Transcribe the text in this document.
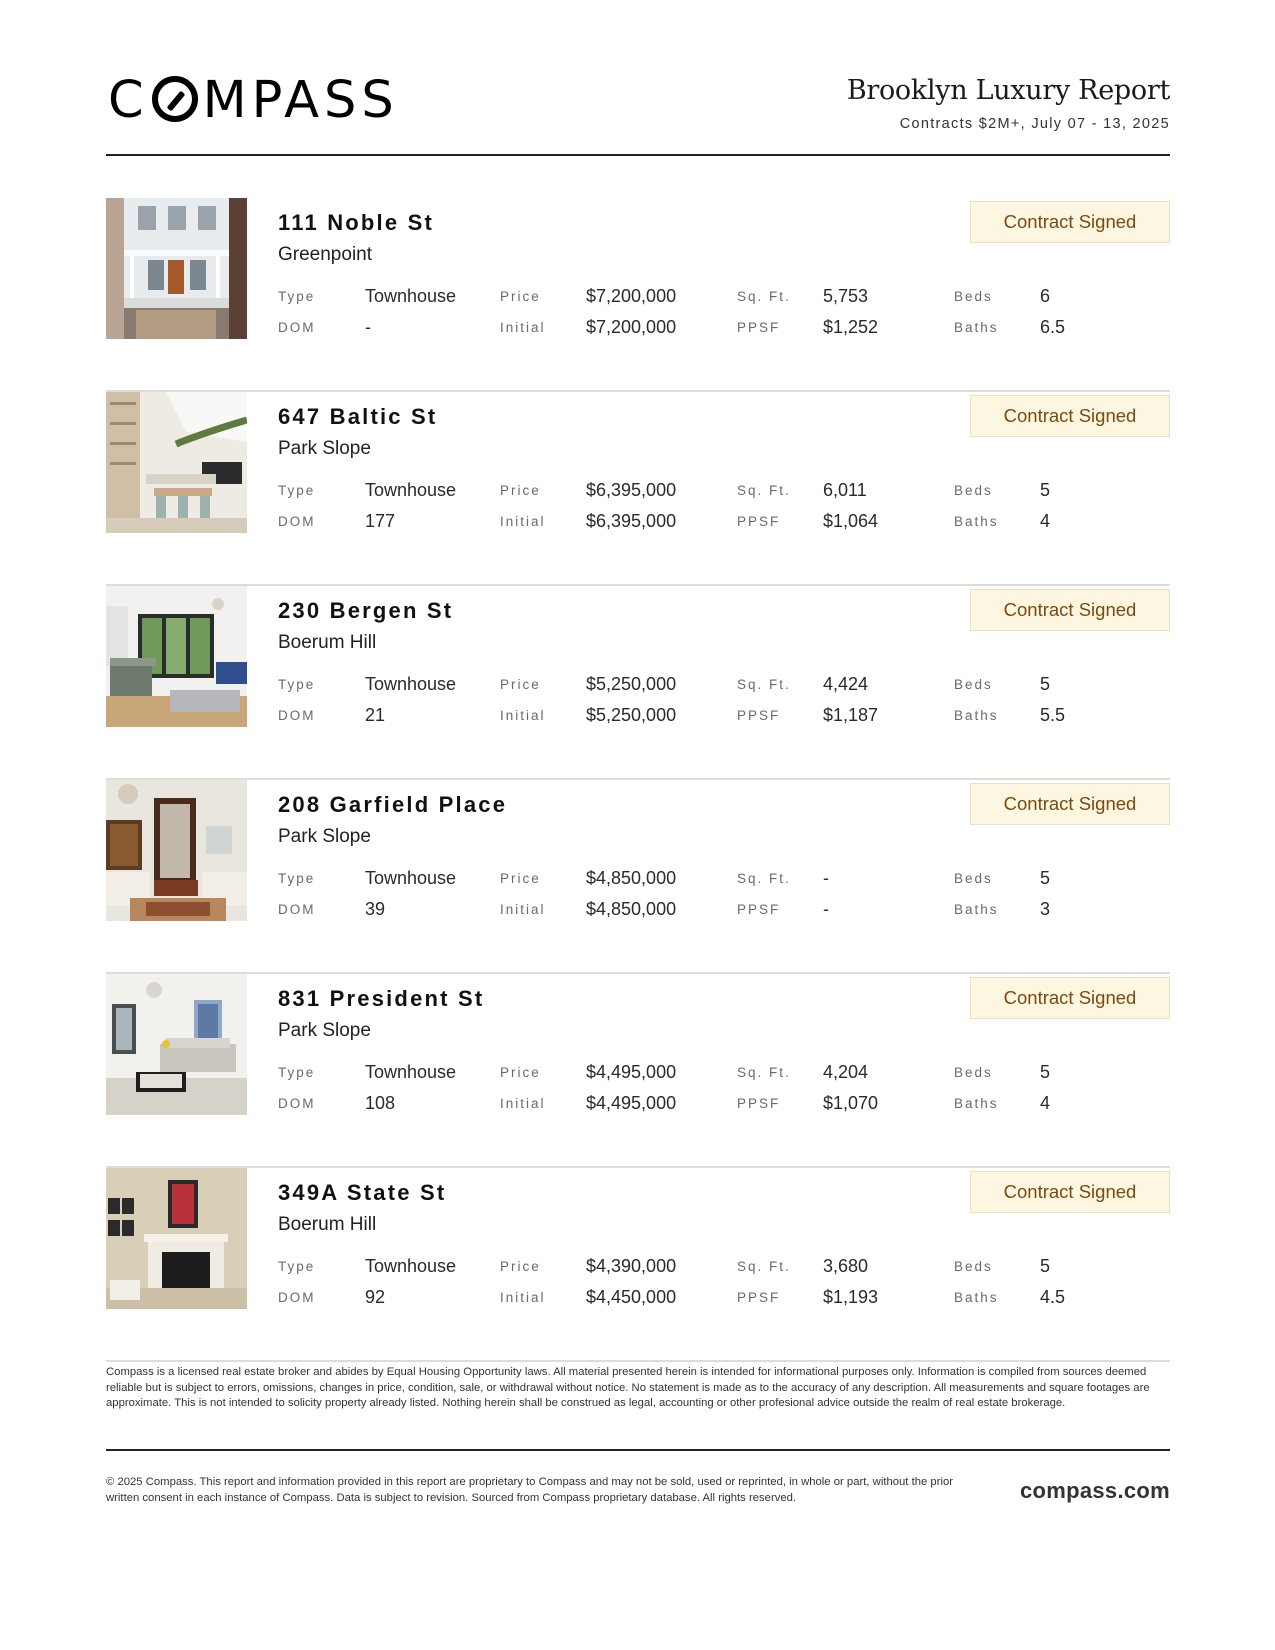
C MPASS	Brooklyn Luxury Report
Contracts $2M+, July 07 - 13, 2025
111 Noble St
Greenpoint
Contract Signed
Type	Townhouse	Price	$7,200,000	Sq. Ft. 5,753	Beds	6
DOM	-	Initial $7,200,000	PPSF $1,252	Baths 6.5
647 Baltic St
Park Slope
Contract Signed
Type	Townhouse	Price	$6,395,000	Sq. Ft. 6,011	Beds	5
DOM	177	Initial $6,395,000	PPSF $1,064	Baths 4
230 Bergen St
Boerum Hill
Contract Signed
Type	Townhouse	Price	$5,250,000	Sq. Ft. 4,424	Beds	5
DOM	21	Initial $5,250,000	PPSF $1,187	Baths 5.5
208 Garfield Place
Park Slope
Contract Signed
Type	Townhouse	Price	$4,850,000	Sq. Ft. -	Beds	5
DOM	39	Initial $4,850,000	PPSF -	Baths 3
831 President St
Park Slope
Contract Signed
Type	Townhouse	Price	$4,495,000	Sq. Ft. 4,204	Beds	5
DOM	108	Initial $4,495,000	PPSF $1,070	Baths 4
349A State St
Boerum Hill
Contract Signed
Type	Townhouse	Price	$4,390,000	Sq. Ft. 3,680	Beds	5
DOM	92	Initial $4,450,000	PPSF $1,193	Baths 4.5
Compass is a licensed real estate broker and abides by Equal Housing Opportunity laws. All material presented herein is intended for informational purposes only. Information is compiled from sources deemed reliable but is subject to errors, omissions, changes in price, condition, sale, or withdrawal without notice. No statement is made as to the accuracy of any description. All measurements and square footages are approximate. This is not intended to solicity property already listed. Nothing herein shall be construed as legal, accounting or other profesional advice outside the realm of real estate brokerage.
© 2025 Compass. This report and information provided in this report are proprietary to Compass and may not be sold, used or reprinted, in whole or part, without the prior written consent in each instance of Compass. Data is subject to revision. Sourced from Compass proprietary database. All rights reserved.	compass.com
